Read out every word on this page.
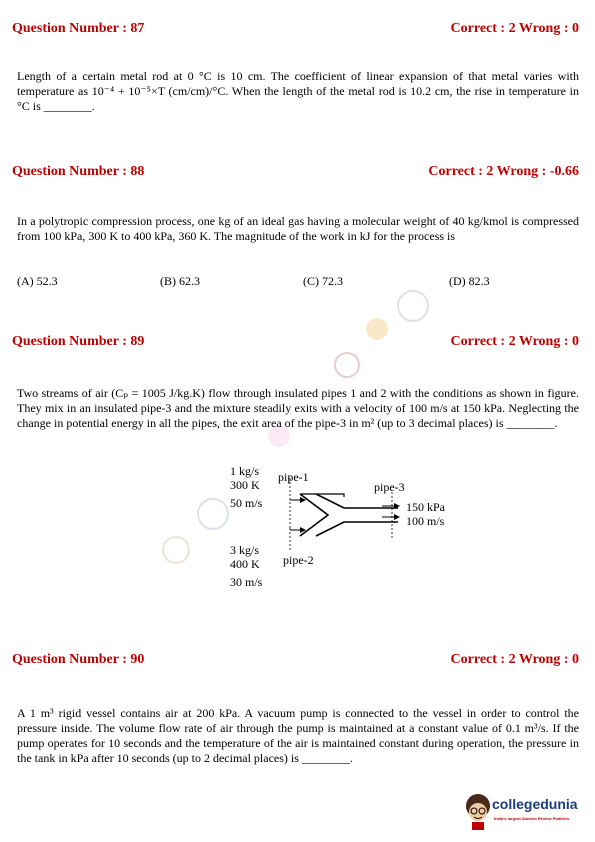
Question Number : 87	Correct : 2 Wrong : 0
Length of a certain metal rod at 0 °C is 10 cm. The coefficient of linear expansion of that metal varies with temperature as 10⁻⁴ + 10⁻⁵×T (cm/cm)/°C. When the length of the metal rod is 10.2 cm, the rise in temperature in °C is ________.
Question Number : 88	Correct : 2 Wrong : -0.66
In a polytropic compression process, one kg of an ideal gas having a molecular weight of 40 kg/kmol is compressed from 100 kPa, 300 K to 400 kPa, 360 K. The magnitude of the work in kJ for the process is
(A) 52.3	(B) 62.3	(C) 72.3	(D) 82.3
Question Number : 89	Correct : 2 Wrong : 0
Two streams of air (Cₚ = 1005 J/kg.K) flow through insulated pipes 1 and 2 with the conditions as shown in figure. They mix in an insulated pipe-3 and the mixture steadily exits with a velocity of 100 m/s at 150 kPa. Neglecting the change in potential energy in all the pipes, the exit area of the pipe-3 in m² (up to 3 decimal places) is ________.
1 kg/s
300 K
50 m/s
pipe-1
pipe-3
150 kPa
100 m/s
3 kg/s
400 K
30 m/s
pipe-2
Question Number : 90	Correct : 2 Wrong : 0
A 1 m³ rigid vessel contains air at 200 kPa. A vacuum pump is connected to the vessel in order to control the pressure inside. The volume flow rate of air through the pump is maintained at a constant value of 0.1 m³/s. If the pump operates for 10 seconds and the temperature of the air is maintained constant during operation, the pressure in the tank in kPa after 10 seconds (up to 2 decimal places) is ________.
collegedunia
India's largest Student Review Platform
